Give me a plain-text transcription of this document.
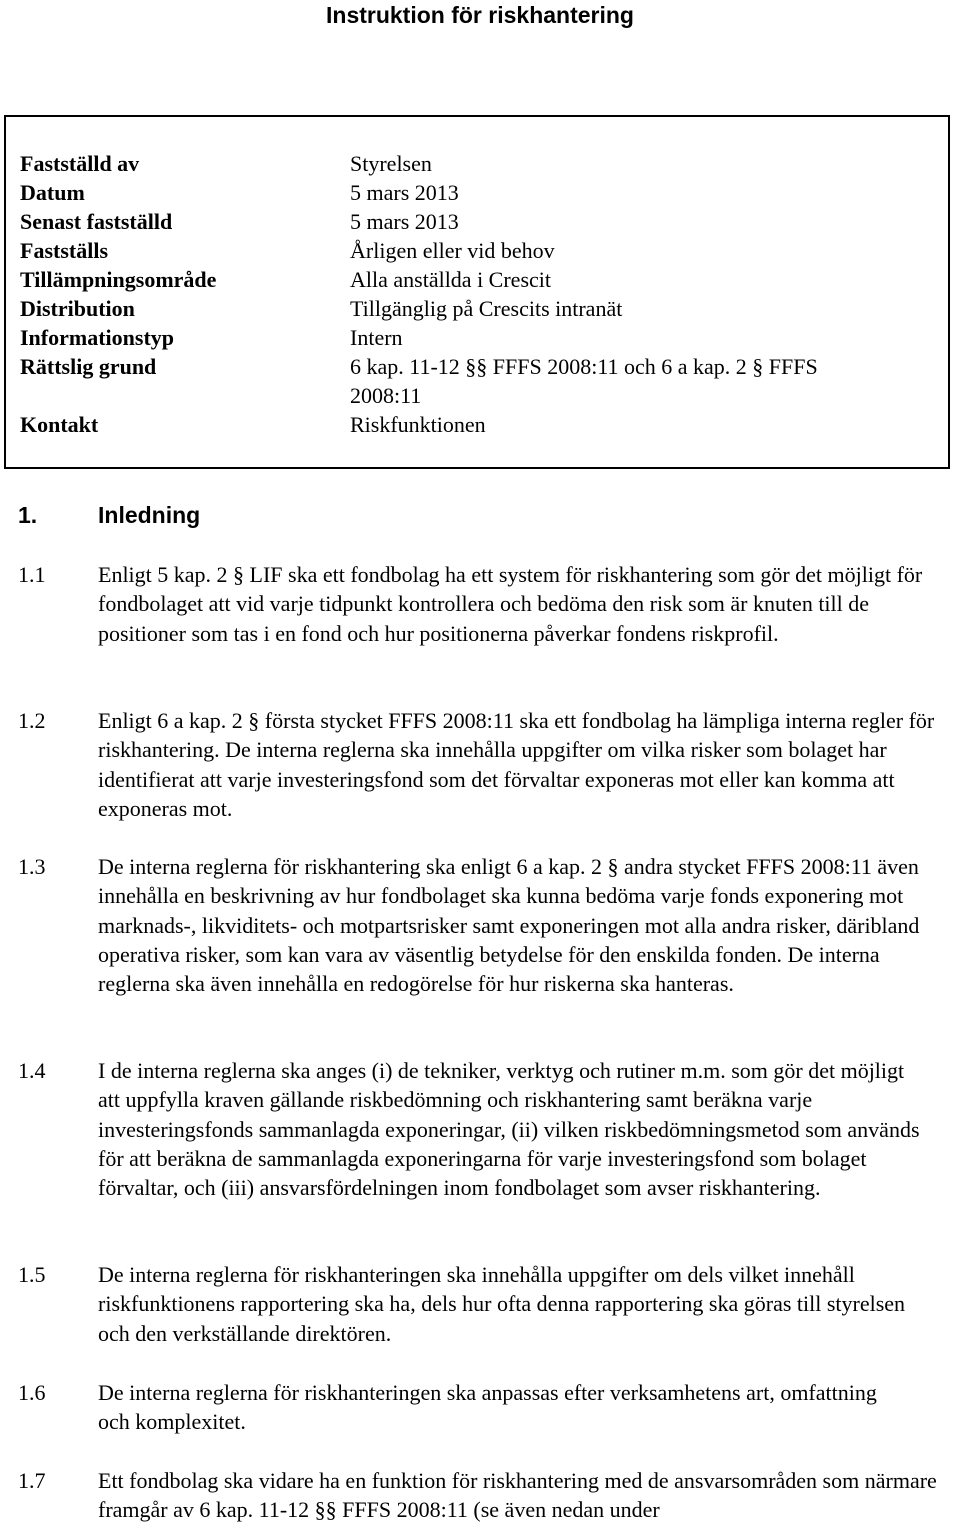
Instruktion för riskhantering
Fastställd av	Styrelsen
Datum	5 mars 2013
Senast fastställd	5 mars 2013
Fastställs	Årligen eller vid behov
Tillämpningsområde	Alla anställda i Crescit
Distribution	Tillgänglig på Crescits intranät
Informationstyp	Intern
Rättslig grund	6 kap. 11-12 §§ FFFS 2008:11 och 6 a kap. 2 § FFFS 2008:11
Kontakt	Riskfunktionen
1.	Inledning
1.1 Enligt 5 kap. 2 § LIF ska ett fondbolag ha ett system för riskhantering som gör det möjligt för fondbolaget att vid varje tidpunkt kontrollera och bedöma den risk som är knuten till de positioner som tas i en fond och hur positionerna påverkar fondens riskprofil.
1.2 Enligt 6 a kap. 2 § första stycket FFFS 2008:11 ska ett fondbolag ha lämpliga interna regler för riskhantering. De interna reglerna ska innehålla uppgifter om vilka risker som bolaget har identifierat att varje investeringsfond som det förvaltar exponeras mot eller kan komma att exponeras mot.
1.3 De interna reglerna för riskhantering ska enligt 6 a kap. 2 § andra stycket FFFS 2008:11 även innehålla en beskrivning av hur fondbolaget ska kunna bedöma varje fonds exponering mot marknads-, likviditets- och motpartsrisker samt exponeringen mot alla andra risker, däribland operativa risker, som kan vara av väsentlig betydelse för den enskilda fonden. De interna reglerna ska även innehålla en redogörelse för hur riskerna ska hanteras.
1.4 I de interna reglerna ska anges (i) de tekniker, verktyg och rutiner m.m. som gör det möjligt att uppfylla kraven gällande riskbedömning och riskhantering samt beräkna varje investeringsfonds sammanlagda exponeringar, (ii) vilken riskbedömningsmetod som används för att beräkna de sammanlagda exponeringarna för varje investeringsfond som bolaget förvaltar, och (iii) ansvarsfördelningen inom fondbolaget som avser riskhantering.
1.5 De interna reglerna för riskhanteringen ska innehålla uppgifter om dels vilket innehåll riskfunktionens rapportering ska ha, dels hur ofta denna rapportering ska göras till styrelsen och den verkställande direktören.
1.6 De interna reglerna för riskhanteringen ska anpassas efter verksamhetens art, omfattning och komplexitet.
1.7 Ett fondbolag ska vidare ha en funktion för riskhantering med de ansvarsområden som närmare framgår av 6 kap. 11-12 §§ FFFS 2008:11 (se även nedan under
